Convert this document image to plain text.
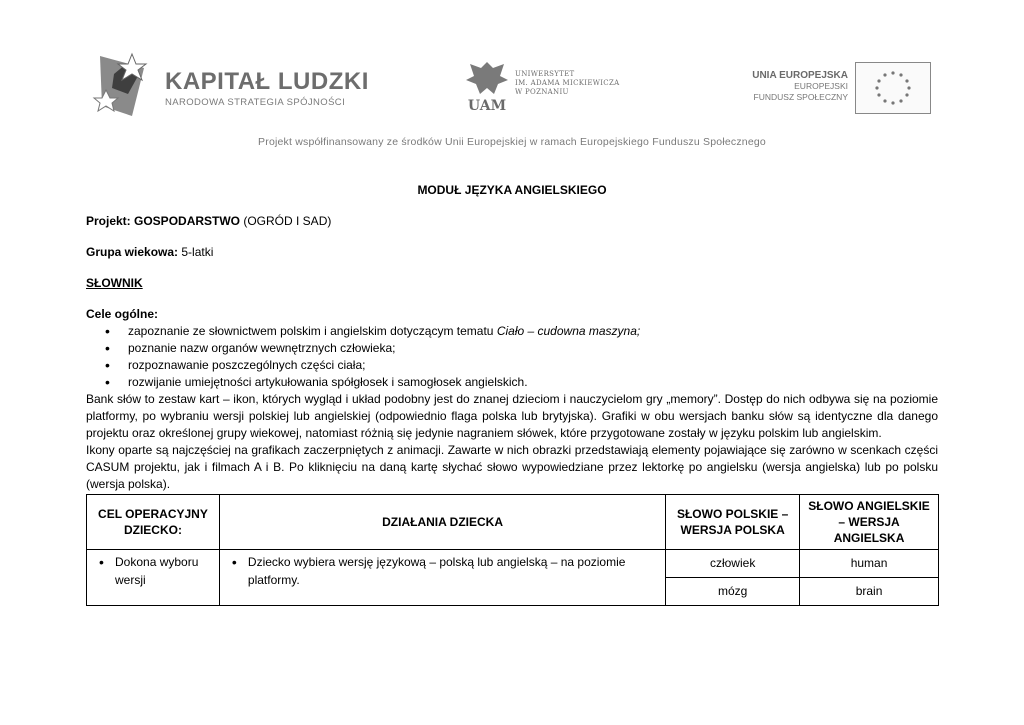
KAPITAŁ LUDZKI
NARODOWA STRATEGIA SPÓJNOŚCI	UAM
UNIWERSYTET
IM. ADAMA MICKIEWICZA
W POZNANIU
UNIA EUROPEJSKA
EUROPEJSKI
FUNDUSZ SPOŁECZNY
Projekt współfinansowany ze środków Unii Europejskiej w ramach Europejskiego Funduszu Społecznego
MODUŁ JĘZYKA ANGIELSKIEGO
Projekt: GOSPODARSTWO (OGRÓD I SAD)
Grupa wiekowa: 5-latki
SŁOWNIK
Cele ogólne:
• zapoznanie ze słownictwem polskim i angielskim dotyczącym tematu Ciało – cudowna maszyna;
• poznanie nazw organów wewnętrznych człowieka;
• rozpoznawanie poszczególnych części ciała;
• rozwijanie umiejętności artykułowania spółgłosek i samogłosek angielskich.

Bank słów to zestaw kart – ikon, których wygląd i układ podobny jest do znanej dzieciom i nauczycielom gry „memory”. Dostęp do nich odbywa się na poziomie platformy, po wybraniu wersji polskiej lub angielskiej (odpowiednio flaga polska lub brytyjska). Grafiki w obu wersjach banku słów są identyczne dla danego projektu oraz określonej grupy wiekowej, natomiast różnią się jedynie nagraniem słówek, które przygotowane zostały w języku polskim lub angielskim.

Ikony oparte są najczęściej na grafikach zaczerpniętych z animacji. Zawarte w nich obrazki przedstawiają elementy pojawiające się zarówno w scenkach części CASUM projektu, jak i filmach A i B. Po kliknięciu na daną kartę słychać słowo wypowiedziane przez lektorkę po angielsku (wersja angielska) lub po polsku (wersja polska).

CEL OPERACYJNY DZIECKO:	DZIAŁANIA DZIECKA	SŁOWO POLSKIE – WERSJA POLSKA	SŁOWO ANGIELSKIE – WERSJA ANGIELSKA

• Dokona wyboru wersji	• Dziecko wybiera wersję językową – polską lub angielską – na poziomie platformy.	człowiek	human
		mózg	brain
